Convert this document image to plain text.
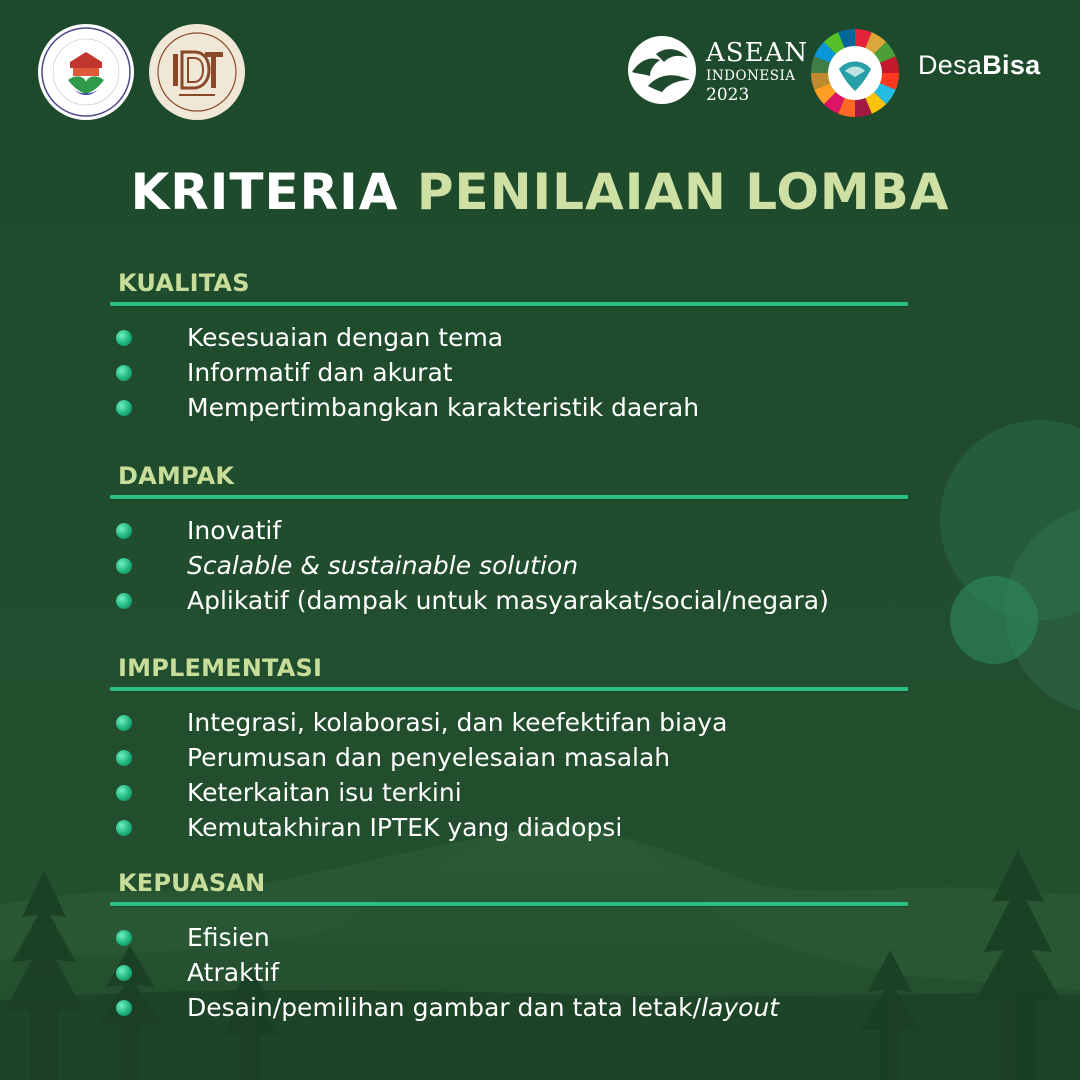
ASEAN
INDONESIA
2023
DesaBisa
KRITERIA PENILAIAN LOMBA
KUALITAS
Kesesuaian dengan tema
Informatif dan akurat
Mempertimbangkan karakteristik daerah
DAMPAK
Inovatif
Scalable & sustainable solution
Aplikatif (dampak untuk masyarakat/social/negara)
IMPLEMENTASI
Integrasi, kolaborasi, dan keefektifan biaya
Perumusan dan penyelesaian masalah
Keterkaitan isu terkini
Kemutakhiran IPTEK yang diadopsi
KEPUASAN
Efisien
Atraktif
Desain/pemilihan gambar dan tata letak/layout
